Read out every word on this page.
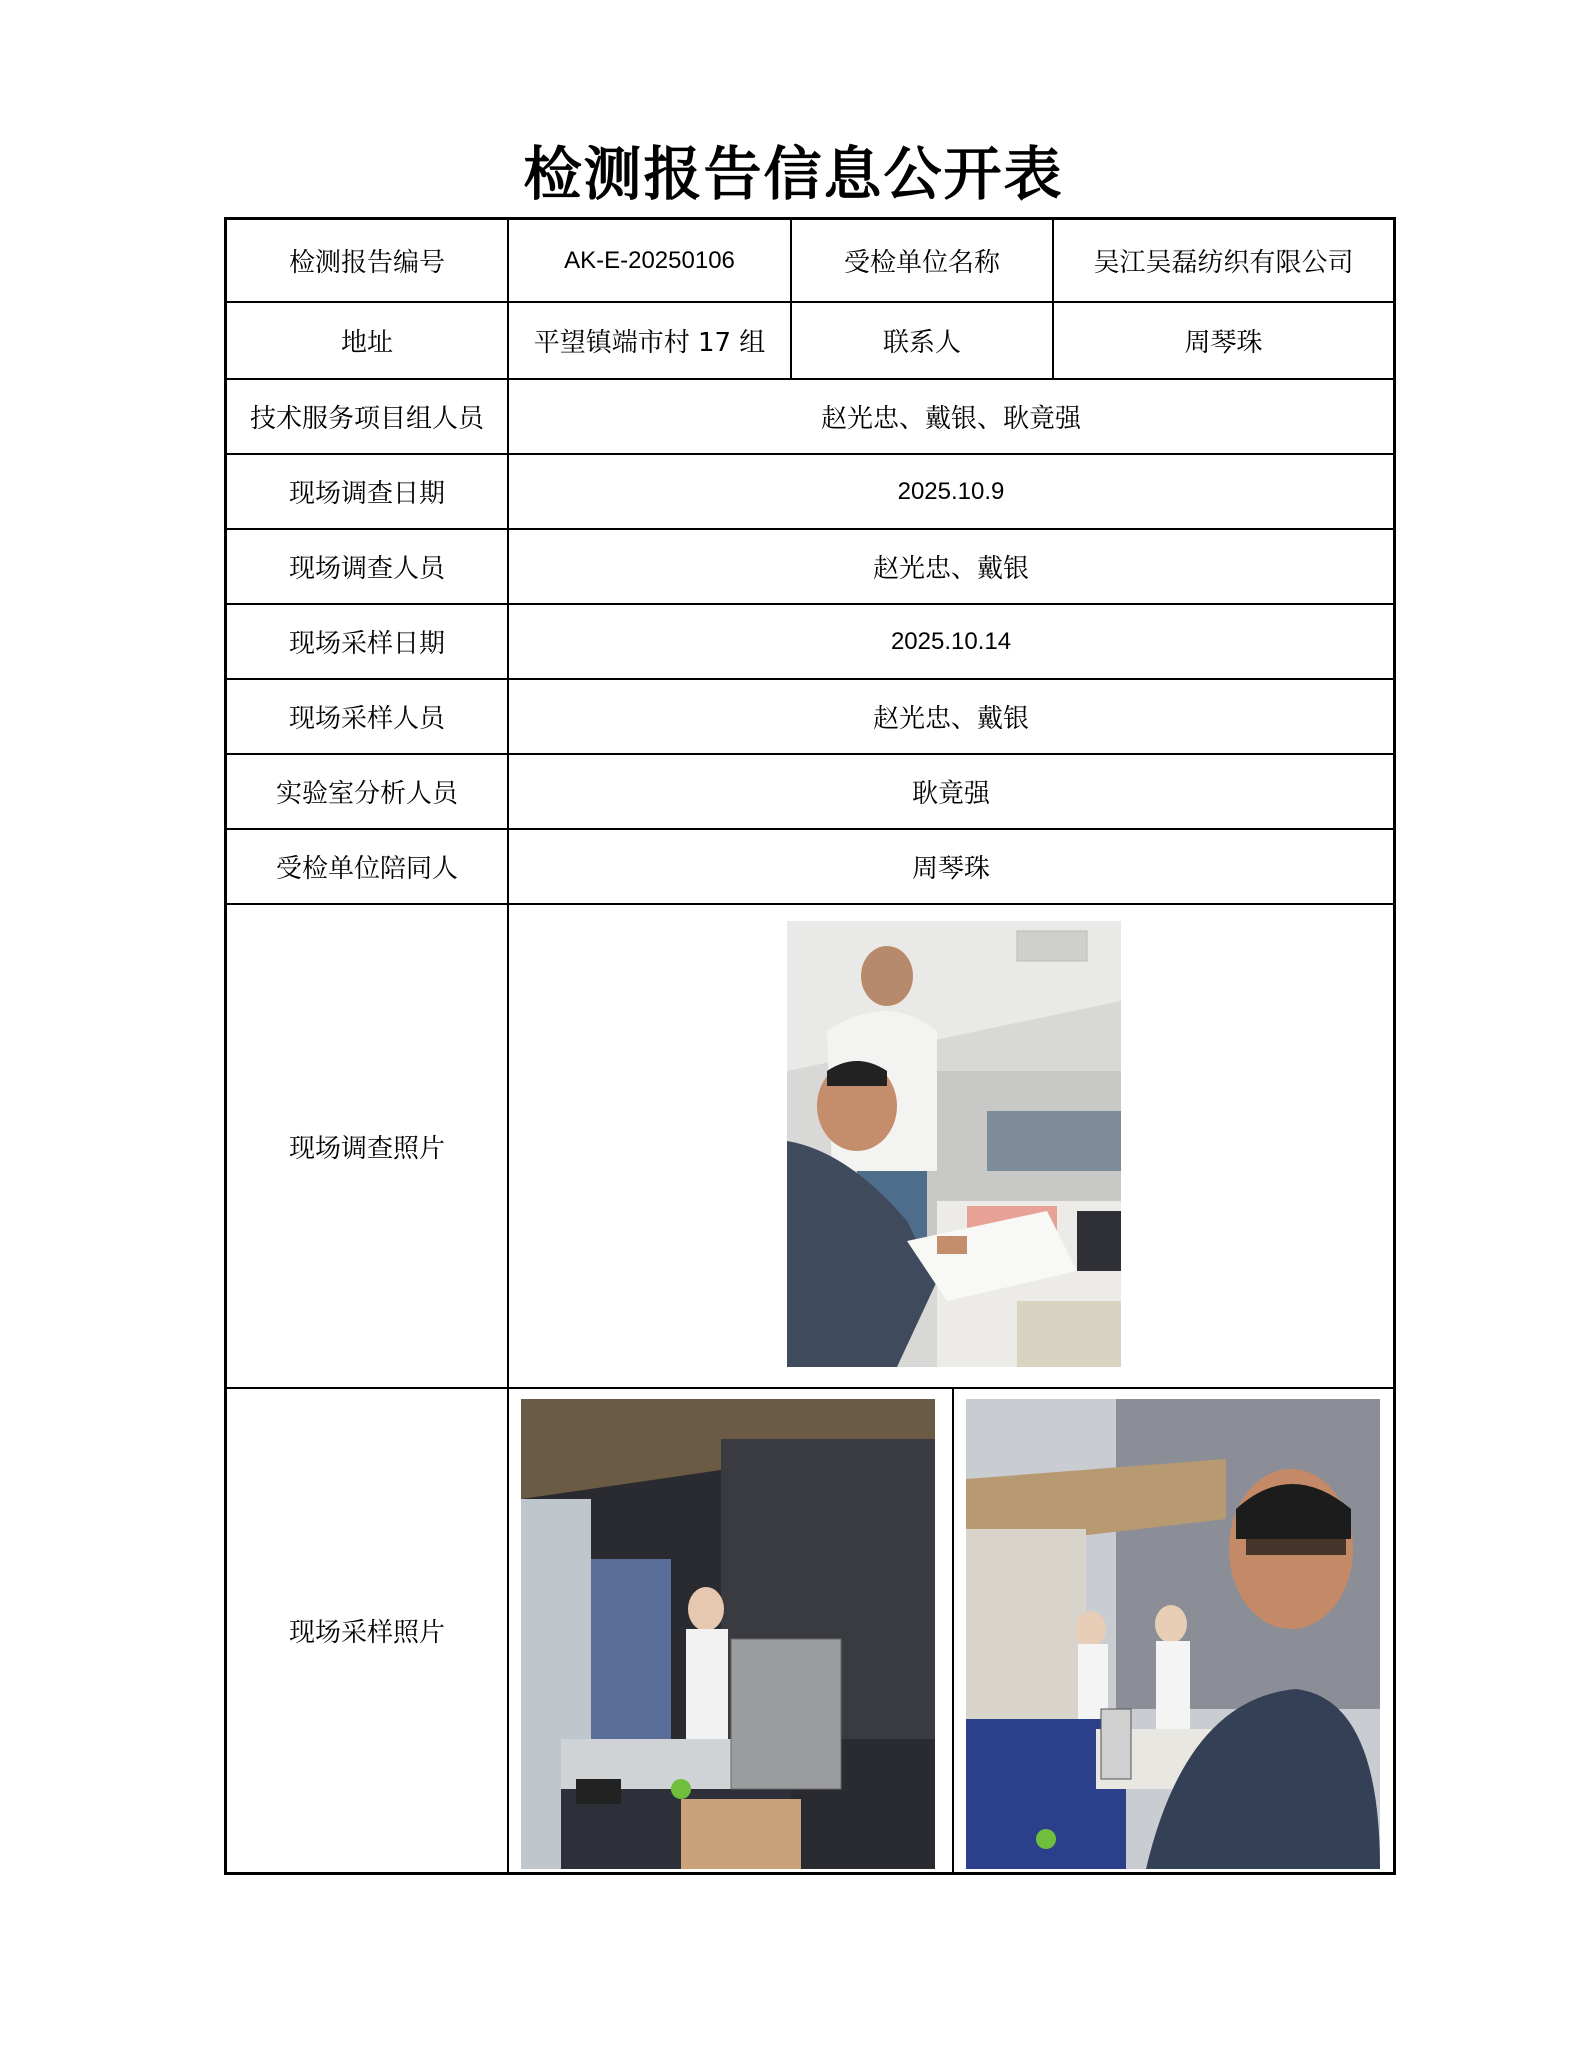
检测报告信息公开表
检测报告编号	AK-E-20250106	受检单位名称	吴江吴磊纺织有限公司
地址	平望镇端市村 17 组	联系人	周琴珠
技术服务项目组人员	赵光忠、戴银、耿竟强
现场调查日期	2025.10.9
现场调查人员	赵光忠、戴银
现场采样日期	2025.10.14
现场采样人员	赵光忠、戴银
实验室分析人员	耿竟强
受检单位陪同人	周琴珠
现场调查照片
现场采样照片
